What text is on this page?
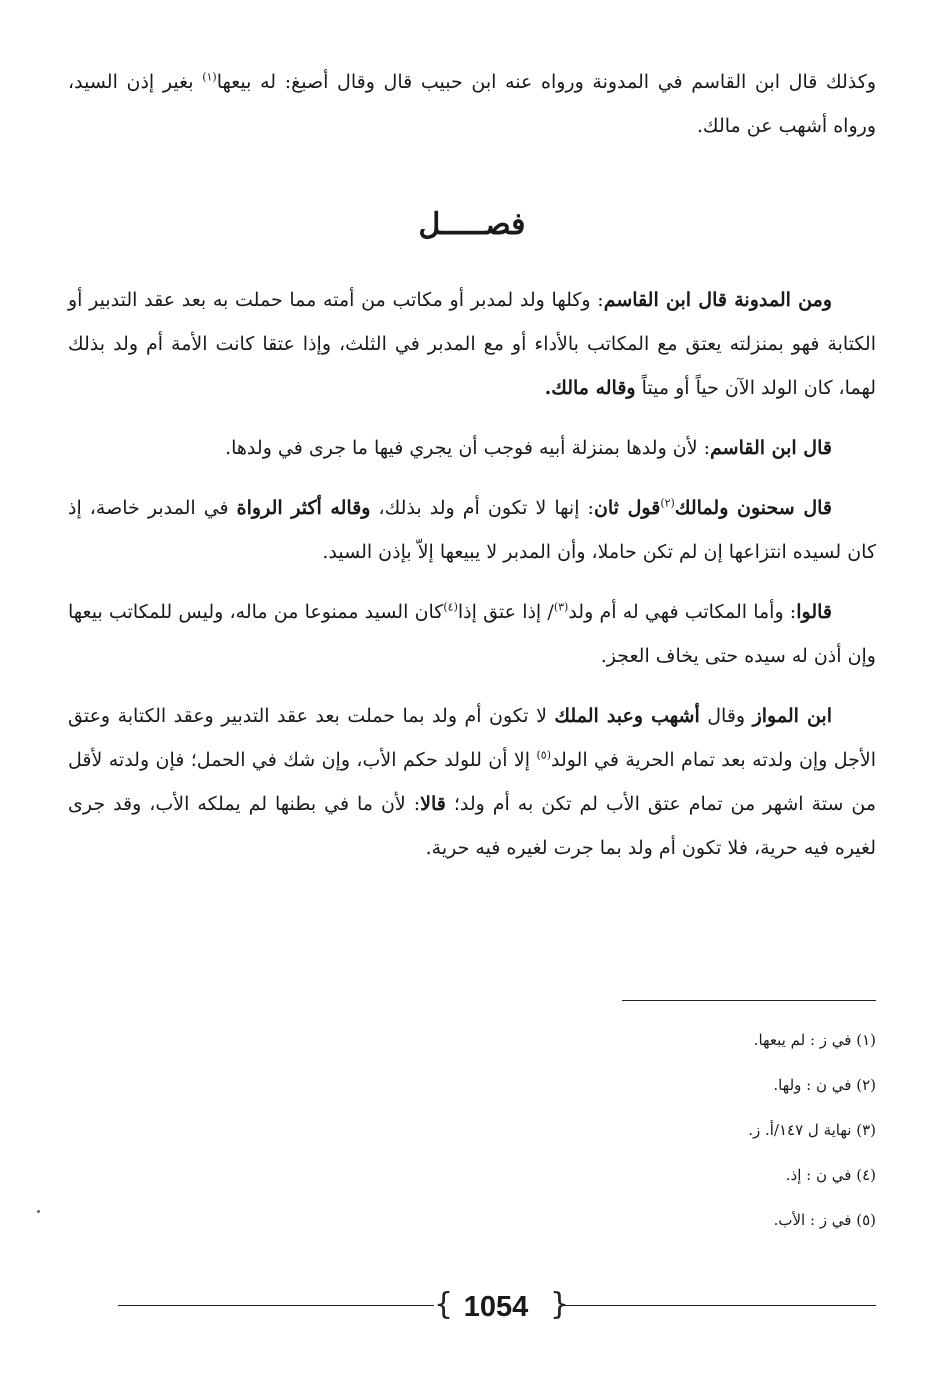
وكذلك قال ابن القاسم في المدونة ورواه عنه ابن حبيب قال وقال أصبغ: له بيعها$^{(١)}$ بغير إذن السيد، ورواه أشهب عن مالك.

فصـــــل

ومن المدونة قال ابن القاسم: وكلها ولد لمدبر أو مكاتب من أمته مما حملت به بعد عقد التدبير أو الكتابة فهو بمنزلته يعتق مع المكاتب بالأداء أو مع المدبر في الثلث، وإذا عتقا كانت الأمة أم ولد بذلك لهما، كان الولد الآن حياً أو ميتاً وقاله مالك.

قال ابن القاسم: لأن ولدها بمنزلة أبيه فوجب أن يجري فيها ما جرى في ولدها.

قال سحنون ولمالك$^{(٢)}$قول ثان: إنها لا تكون أم ولد بذلك، وقاله أكثر الرواة في المدبر خاصة، إذ كان لسيده انتزاعها إن لم تكن حاملا، وأن المدبر لا يبيعها إلاّ بإذن السيد.

قالوا: وأما المكاتب فهي له أم ولد$^{(٣)}$/ إذا عتق إذا$^{(٤)}$كان السيد ممنوعا من ماله، وليس للمكاتب بيعها وإن أذن له سيده حتى يخاف العجز.

ابن المواز وقال أشهب وعبد الملك لا تكون أم ولد بما حملت بعد عقد التدبير وعقد الكتابة وعتق الأجل وإن ولدته بعد تمام الحرية في الولد$^{(٥)}$ إلا أن للولد حكم الأب، وإن شك في الحمل؛ فإن ولدته لأقل من ستة اشهر من تمام عتق الأب لم تكن به أم ولد؛ قالا: لأن ما في بطنها لم يملكه الأب، وقد جرى لغيره فيه حرية، فلا تكون أم ولد بما جرت لغيره فيه حرية.

(١) في ز : لم يبعها.
(٢) في ن : ولها.
(٣) نهاية ل ١٤٧/أ. ز.
(٤) في ن : إذ.
(٥) في ز : الأب.
{ 1054 }
